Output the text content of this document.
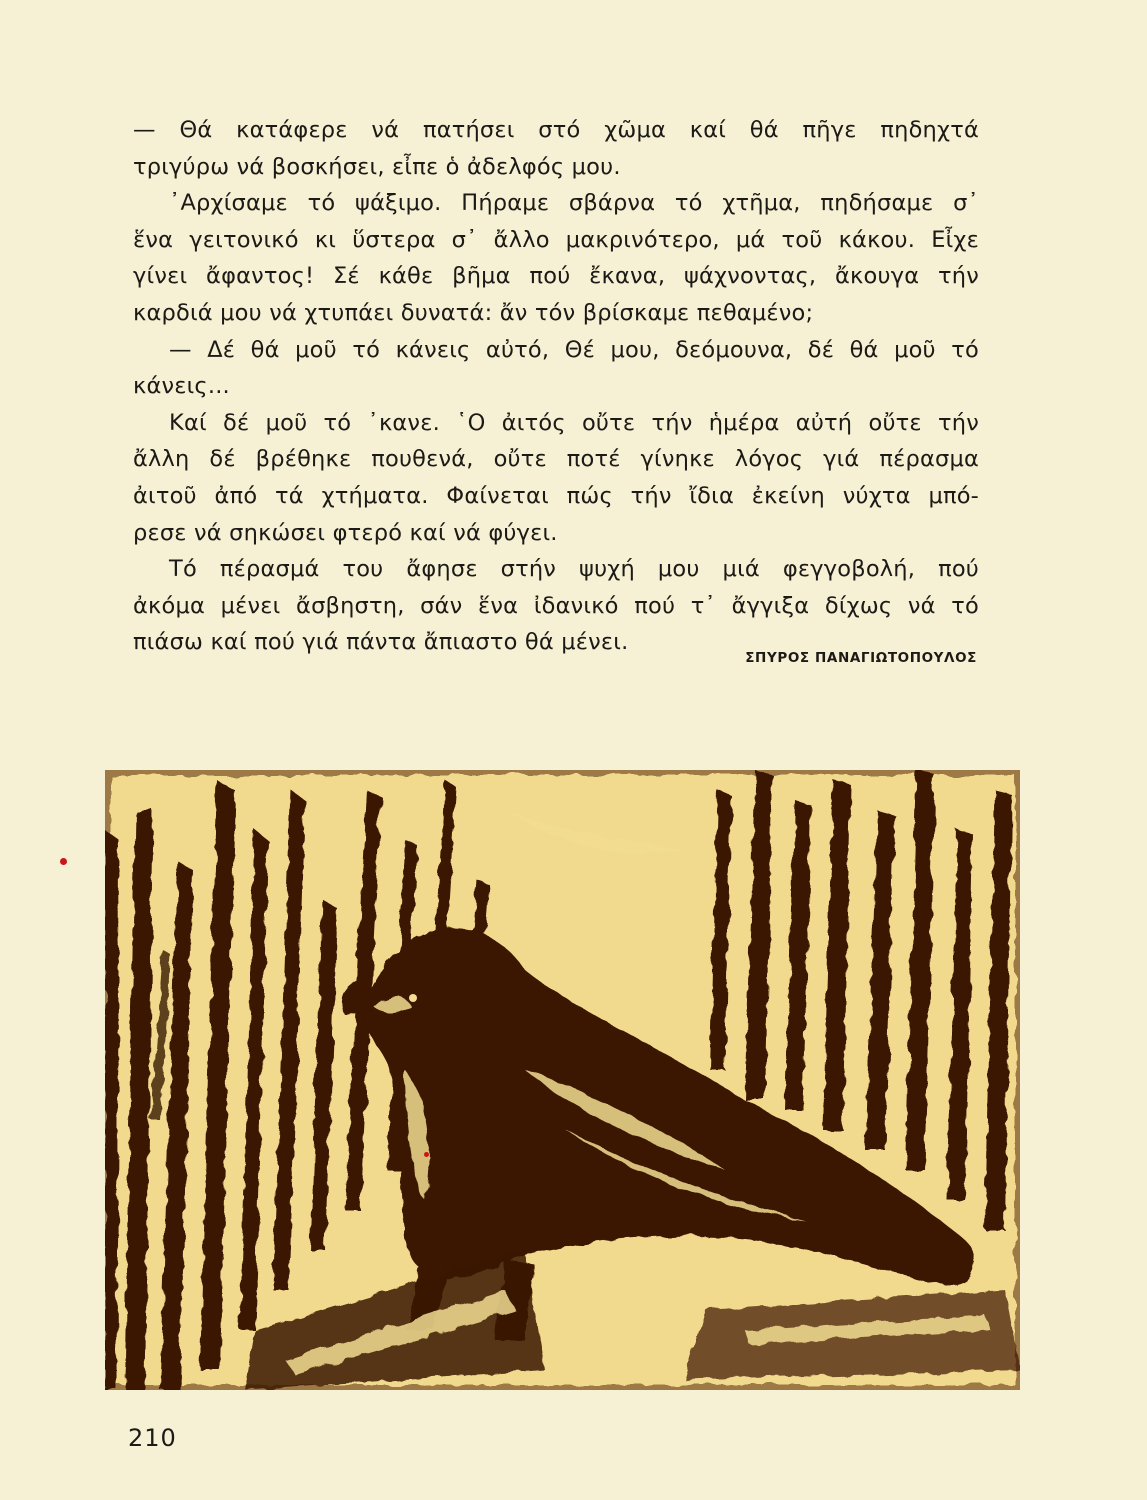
— Θά κατάφερε νά πατήσει στό χῶμα καί θά πῆγε πηδηχτά
τριγύρω νά βοσκήσει, εἶπε ὁ ἀδελφός μου.

᾿Αρχίσαμε τό ψάξιμο. Πήραμε σβάρνα τό χτῆμα, πηδήσαμε σ᾿
ἕνα γειτονικό κι ὕστερα σ᾿ ἄλλο μακρινότερο, μά τοῦ κάκου. Εἶχε
γίνει ἄφαντος! Σέ κάθε βῆμα πού ἔκανα, ψάχνοντας, ἄκουγα τήν
καρδιά μου νά χτυπάει δυνατά: ἄν τόν βρίσκαμε πεθαμένο;

— Δέ θά μοῦ τό κάνεις αὐτό, Θέ μου, δεόμουνα, δέ θά μοῦ τό
κάνεις...

Καί δέ μοῦ τό ᾿κανε. ῾Ο ἀιτός οὔτε τήν ἡμέρα αὐτή οὔτε τήν
ἄλλη δέ βρέθηκε πουθενά, οὔτε ποτέ γίνηκε λόγος γιά πέρασμα
ἀιτοῦ ἀπό τά χτήματα. Φαίνεται πώς τήν ἴδια ἐκείνη νύχτα μπό-
ρεσε νά σηκώσει φτερό καί νά φύγει.

Τό πέρασμά του ἄφησε στήν ψυχή μου μιά φεγγοβολή, πού
ἀκόμα μένει ἄσβηστη, σάν ἕνα ἰδανικό πού τ᾿ ἄγγιξα δίχως νά τό
πιάσω καί πού γιά πάντα ἄπιαστο θά μένει.

ΣΠΥΡΟΣ ΠΑΝΑΓΙΩΤΟΠΟΥΛΟΣ
210
